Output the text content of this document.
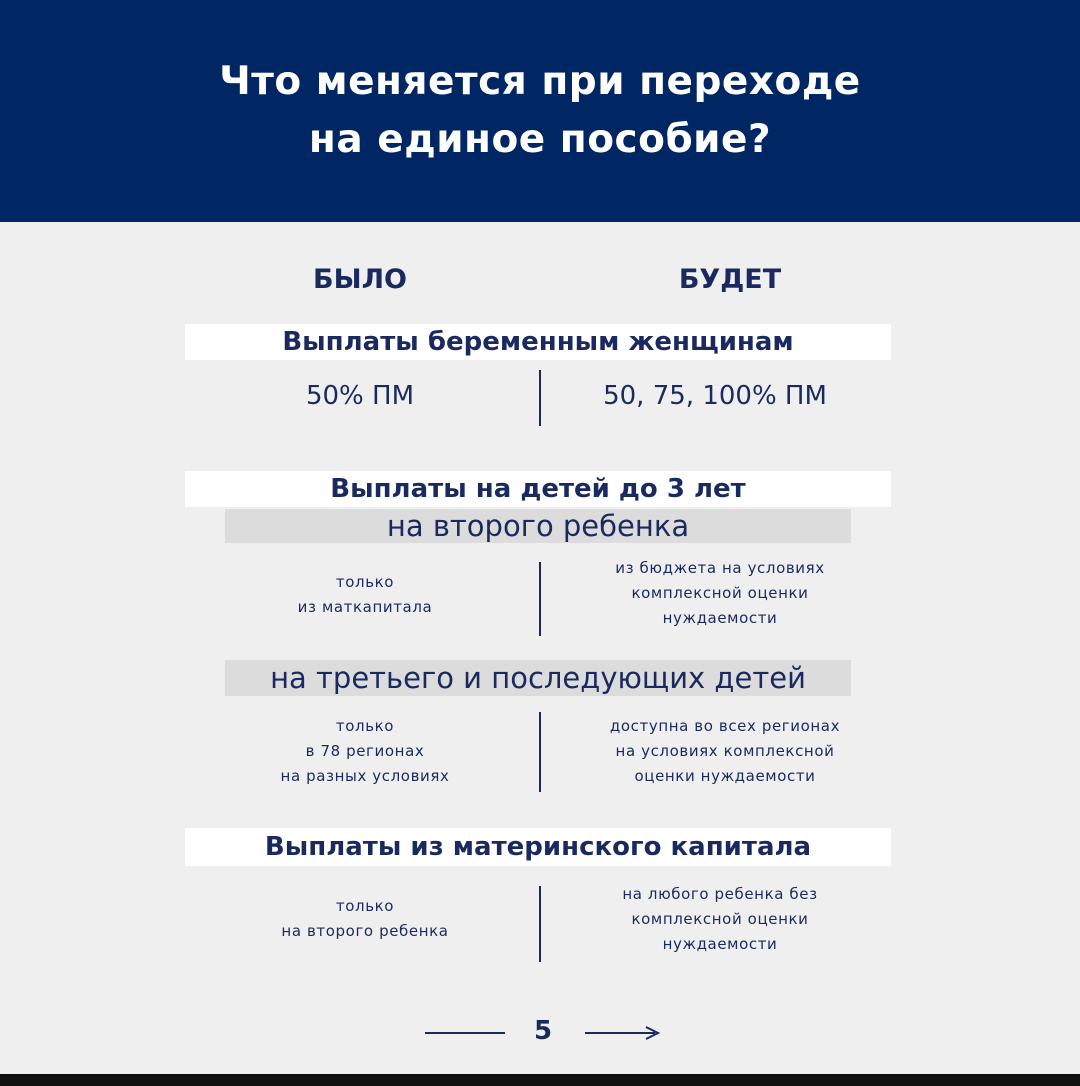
Что меняется при переходе
на единое пособие?
БЫЛО	БУДЕТ
Выплаты беременным женщинам
50% ПМ	50, 75, 100% ПМ
Выплаты на детей до 3 лет
на второго ребенка
только
из маткапитала
из бюджета на условиях
комплексной оценки
нуждаемости
на третьего и последующих детей
только
в 78 регионах
на разных условиях
доступна во всех регионах
на условиях комплексной
оценки нуждаемости
Выплаты из материнского капитала
только
на второго ребенка
на любого ребенка без
комплексной оценки
нуждаемости
5
